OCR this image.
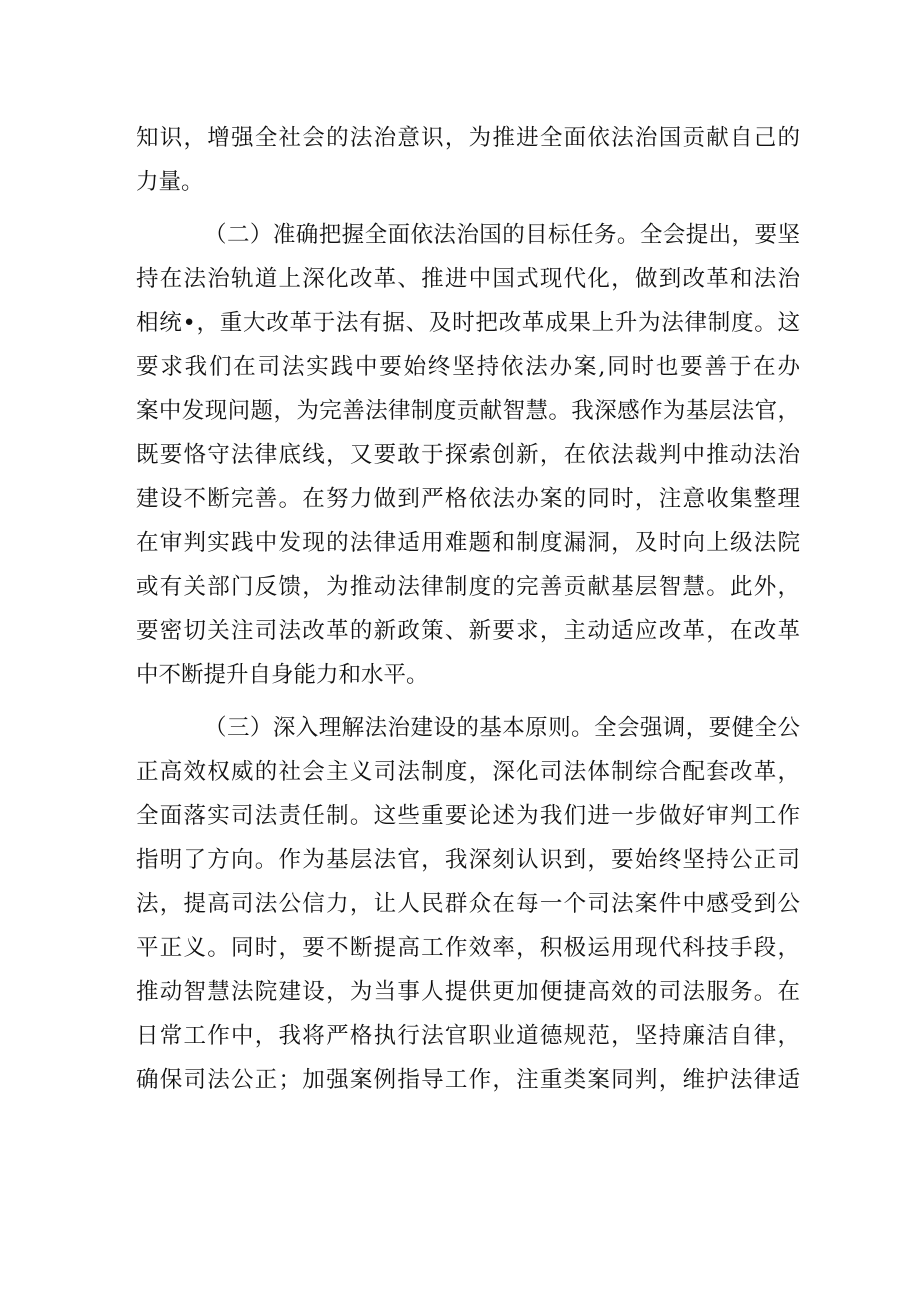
知识，增强全社会的法治意识，为推进全面依法治国贡献自己的
力量。
（二）准确把握全面依法治国的目标任务。全会提出，要坚
持在法治轨道上深化改革、推进中国式现代化，做到改革和法治
相统•，重大改革于法有据、及时把改革成果上升为法律制度。这
要求我们在司法实践中要始终坚持依法办案,同时也要善于在办
案中发现问题，为完善法律制度贡献智慧。我深感作为基层法官，
既要恪守法律底线，又要敢于探索创新，在依法裁判中推动法治
建设不断完善。在努力做到严格依法办案的同时，注意收集整理
在审判实践中发现的法律适用难题和制度漏洞，及时向上级法院
或有关部门反馈，为推动法律制度的完善贡献基层智慧。此外，
要密切关注司法改革的新政策、新要求，主动适应改革，在改革
中不断提升自身能力和水平。
（三）深入理解法治建设的基本原则。全会强调，要健全公
正高效权威的社会主义司法制度，深化司法体制综合配套改革，
全面落实司法责任制。这些重要论述为我们进一步做好审判工作
指明了方向。作为基层法官，我深刻认识到，要始终坚持公正司
法，提高司法公信力，让人民群众在每一个司法案件中感受到公
平正义。同时，要不断提高工作效率，积极运用现代科技手段，
推动智慧法院建设，为当事人提供更加便捷高效的司法服务。在
日常工作中，我将严格执行法官职业道德规范，坚持廉洁自律，
确保司法公正；加强案例指导工作，注重类案同判，维护法律适
